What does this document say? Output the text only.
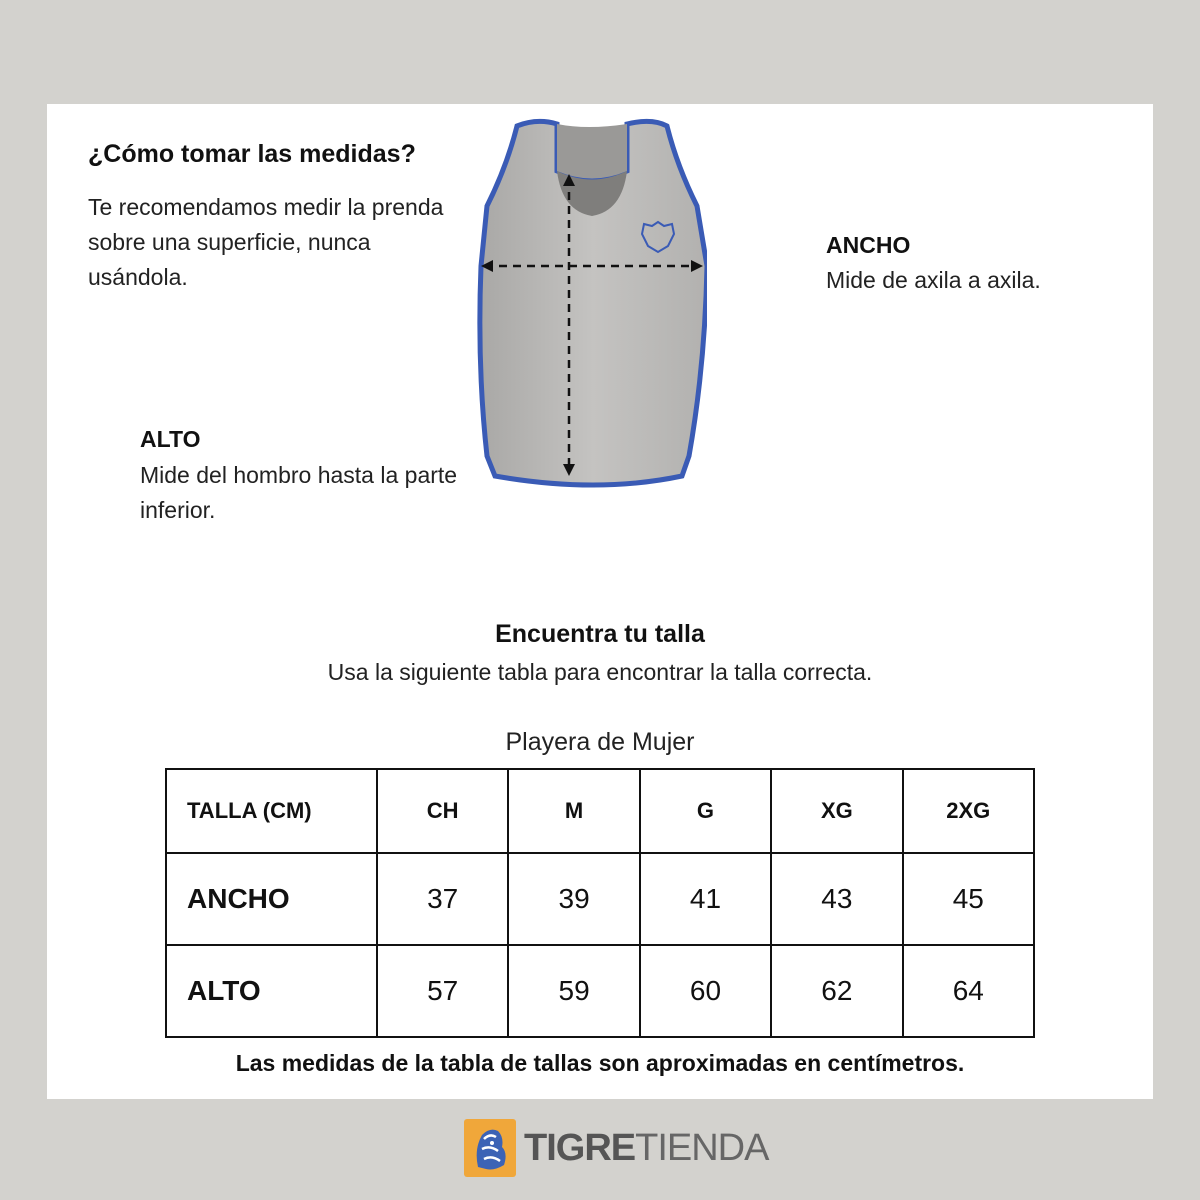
¿Cómo tomar las medidas?
Te recomendamos medir la prenda sobre una superficie, nunca usándola.
ANCHO
Mide de axila a axila.
ALTO
Mide del hombro hasta la parte inferior.
Encuentra tu talla
Usa la siguiente tabla para encontrar la talla correcta.
Playera de Mujer
TALLA (CM)	CH	M	G	XG	2XG
ANCHO	37	39	41	43	45
ALTO	57	59	60	62	64
Las medidas de la tabla de tallas son aproximadas en centímetros.
TIGRETIENDA
